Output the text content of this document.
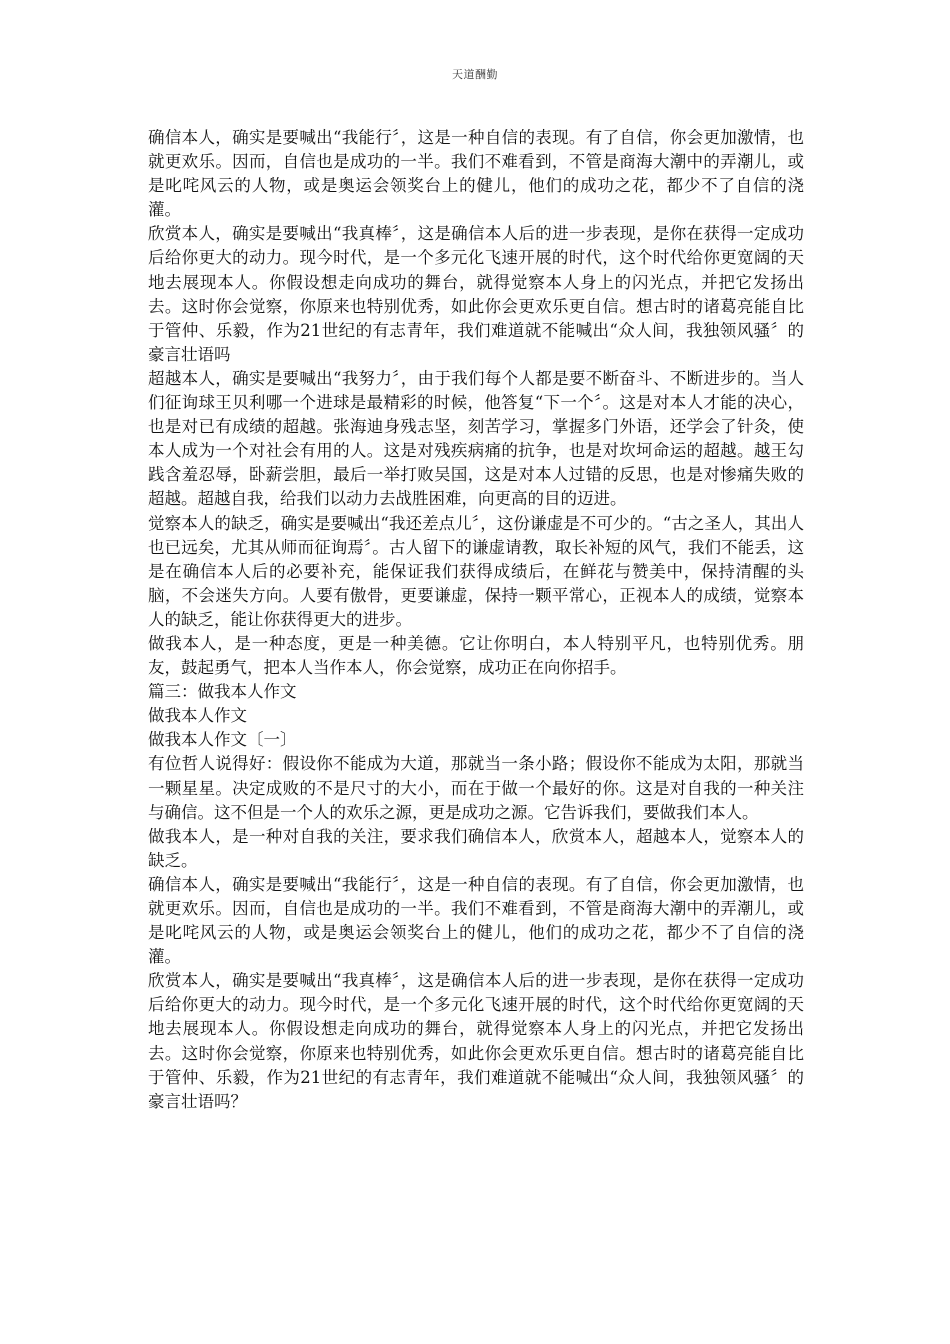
天道酬勤

确信本人，确实是要喊出“我能行〞，这是一种自信的表现。有了自信，你会更加激情，也就更欢乐。因而，自信也是成功的一半。我们不难看到，不管是商海大潮中的弄潮儿，或是叱咤风云的人物，或是奥运会领奖台上的健儿，他们的成功之花，都少不了自信的浇灌。

欣赏本人，确实是要喊出“我真棒〞，这是确信本人后的进一步表现，是你在获得一定成功后给你更大的动力。现今时代，是一个多元化飞速开展的时代，这个时代给你更宽阔的天地去展现本人。你假设想走向成功的舞台，就得觉察本人身上的闪光点，并把它发扬出去。这时你会觉察，你原来也特别优秀，如此你会更欢乐更自信。想古时的诸葛亮能自比于管仲、乐毅，作为21世纪的有志青年，我们难道就不能喊出“众人间，我独领风骚〞的豪言壮语吗

超越本人，确实是要喊出“我努力〞，由于我们每个人都是要不断奋斗、不断进步的。当人们征询球王贝利哪一个进球是最精彩的时候，他答复“下一个〞。这是对本人才能的决心，也是对已有成绩的超越。张海迪身残志坚，刻苦学习，掌握多门外语，还学会了针灸，使本人成为一个对社会有用的人。这是对残疾病痛的抗争，也是对坎坷命运的超越。越王勾践含羞忍辱，卧薪尝胆，最后一举打败吴国，这是对本人过错的反思，也是对惨痛失败的超越。超越自我，给我们以动力去战胜困难，向更高的目的迈进。

觉察本人的缺乏，确实是要喊出“我还差点儿〞，这份谦虚是不可少的。“古之圣人，其出人也已远矣，尤其从师而征询焉〞。古人留下的谦虚请教，取长补短的风气，我们不能丢，这是在确信本人后的必要补充，能保证我们获得成绩后，在鲜花与赞美中，保持清醒的头脑，不会迷失方向。人要有傲骨，更要谦虚，保持一颗平常心，正视本人的成绩，觉察本人的缺乏，能让你获得更大的进步。

做我本人，是一种态度，更是一种美德。它让你明白，本人特别平凡，也特别优秀。朋友，鼓起勇气，把本人当作本人，你会觉察，成功正在向你招手。

篇三：做我本人作文

做我本人作文

做我本人作文〔一〕

有位哲人说得好：假设你不能成为大道，那就当一条小路；假设你不能成为太阳，那就当一颗星星。决定成败的不是尺寸的大小，而在于做一个最好的你。这是对自我的一种关注与确信。这不但是一个人的欢乐之源，更是成功之源。它告诉我们，要做我们本人。

做我本人，是一种对自我的关注，要求我们确信本人，欣赏本人，超越本人，觉察本人的缺乏。

确信本人，确实是要喊出“我能行〞，这是一种自信的表现。有了自信，你会更加激情，也就更欢乐。因而，自信也是成功的一半。我们不难看到，不管是商海大潮中的弄潮儿，或是叱咤风云的人物，或是奥运会领奖台上的健儿，他们的成功之花，都少不了自信的浇灌。

欣赏本人，确实是要喊出“我真棒〞，这是确信本人后的进一步表现，是你在获得一定成功后给你更大的动力。现今时代，是一个多元化飞速开展的时代，这个时代给你更宽阔的天地去展现本人。你假设想走向成功的舞台，就得觉察本人身上的闪光点，并把它发扬出去。这时你会觉察，你原来也特别优秀，如此你会更欢乐更自信。想古时的诸葛亮能自比于管仲、乐毅，作为21世纪的有志青年，我们难道就不能喊出“众人间，我独领风骚〞的豪言壮语吗？
